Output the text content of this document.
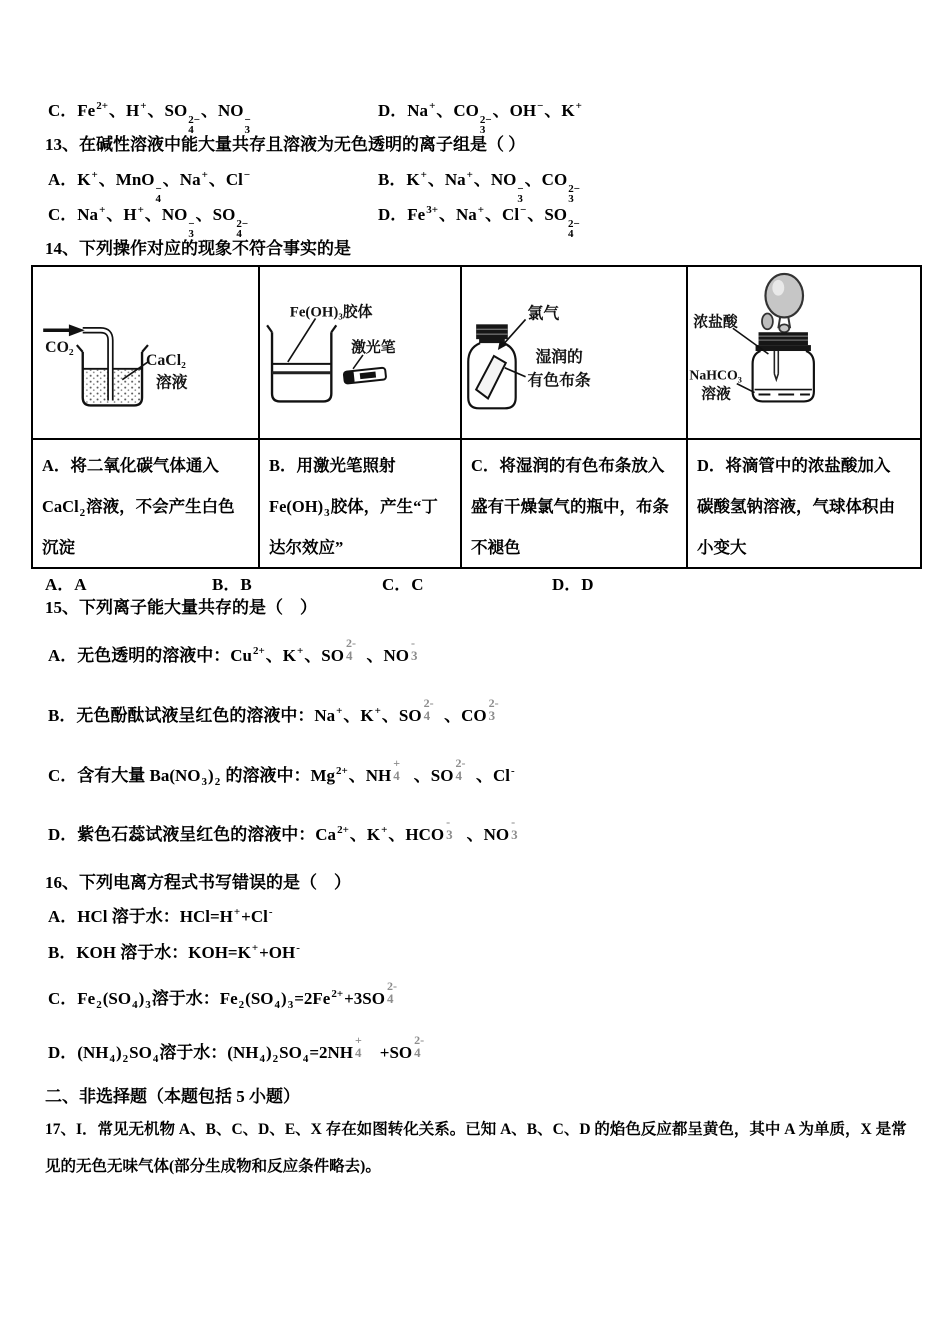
C．$Fe^{2+}$、H+、SO 2−
4
、NO −
3
D．Na+、CO 2−
3
、OH−、K+
13、在碱性溶液中能大量共存且溶液为无色透明的离子组是（ ）
A．K+、MnO −
4
、Na+、Cl−	B．K+、Na+、NO −
3
、CO 2−
3
C．Na+、H+、NO −
3
、SO 2−
4
D．$Fe^{3+}$、Na+、Cl−、SO 2−
4
14、下列操作对应的现象不符合事实的是
CO₂
CaCl₂
溶液
Fe(OH)₃胶体
激光笔
氯气
湿润的
有色布条
浓盐酸
NaHCO₃
溶液
A．将二氧化碳气体通入
CaCl$_2$溶液，不会产生白色
沉淀
B．用激光笔照射
$Fe(OH)_3$胶体，产生“丁
达尔效应”
C．将湿润的有色布条放入
盛有干燥氯气的瓶中，布条
不褪色
D．将滴管中的浓盐酸加入
碳酸氢钠溶液，气球体积由
小变大
A．A	B．B	C．C	D．D
15、下列离子能大量共存的是（　）
A．无色透明的溶液中：$Cu^{2+}$、K+、SO 4
2-
、NO 3
-
B．无色酚酞试液呈红色的溶液中：Na+、K+、SO 4
2-
、CO 3
2-
C．含有大量 $Ba(NO_3)_2$ 的溶液中：$Mg^{2+}$、NH 4
+
、SO 4
2-
、Cl-
D．紫色石蕊试液呈红色的溶液中：$Ca^{2+}$、K+、HCO 3
-
、NO 3
-
16、下列电离方程式书写错误的是（　）
A．HCl 溶于水：HCl=H++Cl-
B．KOH 溶于水：KOH=K++OH-
C．$Fe_2(SO_4)_3$溶于水：$Fe_2(SO_4)_3=2Fe^{2+}+3SO$ 4
2-
D．$(NH_4)_2SO_4$溶于水：$(NH_4)_2SO_4=2NH$ 4
+
+SO 4
2-
二、非选择题（本题包括 5 小题）
17、I．常见无机物 A、B、C、D、E、X 存在如图转化关系。已知 A、B、C、D 的焰色反应都呈黄色，其中 A 为单质，X 是常
见的无色无味气体(部分生成物和反应条件略去)。
